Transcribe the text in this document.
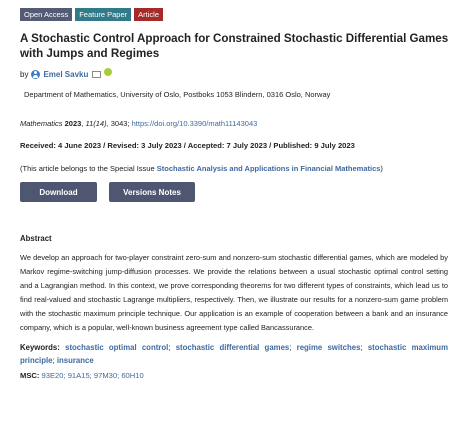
Open Access	Feature Paper	Article
A Stochastic Control Approach for Constrained Stochastic Differential Games with Jumps and Regimes
by Emel Savku
Department of Mathematics, University of Oslo, Postboks 1053 Blindern, 0316 Oslo, Norway
Mathematics 2023, 11(14), 3043; https://doi.org/10.3390/math11143043
Received: 4 June 2023 / Revised: 3 July 2023 / Accepted: 7 July 2023 / Published: 9 July 2023
(This article belongs to the Special Issue Stochastic Analysis and Applications in Financial Mathematics)
Download	Versions Notes
Abstract
We develop an approach for two-player constraint zero-sum and nonzero-sum stochastic differential games, which are modeled by Markov regime-switching jump-diffusion processes. We provide the relations between a usual stochastic optimal control setting and a Lagrangian method. In this context, we prove corresponding theorems for two different types of constraints, which lead us to find real-valued and stochastic Lagrange multipliers, respectively. Then, we illustrate our results for a nonzero-sum game problem with the stochastic maximum principle technique. Our application is an example of cooperation between a bank and an insurance company, which is a popular, well-known business agreement type called Bancassurance.
Keywords: stochastic optimal control; stochastic differential games; regime switches; stochastic maximum principle; insurance
MSC: 93E20; 91A15; 97M30; 60H10
